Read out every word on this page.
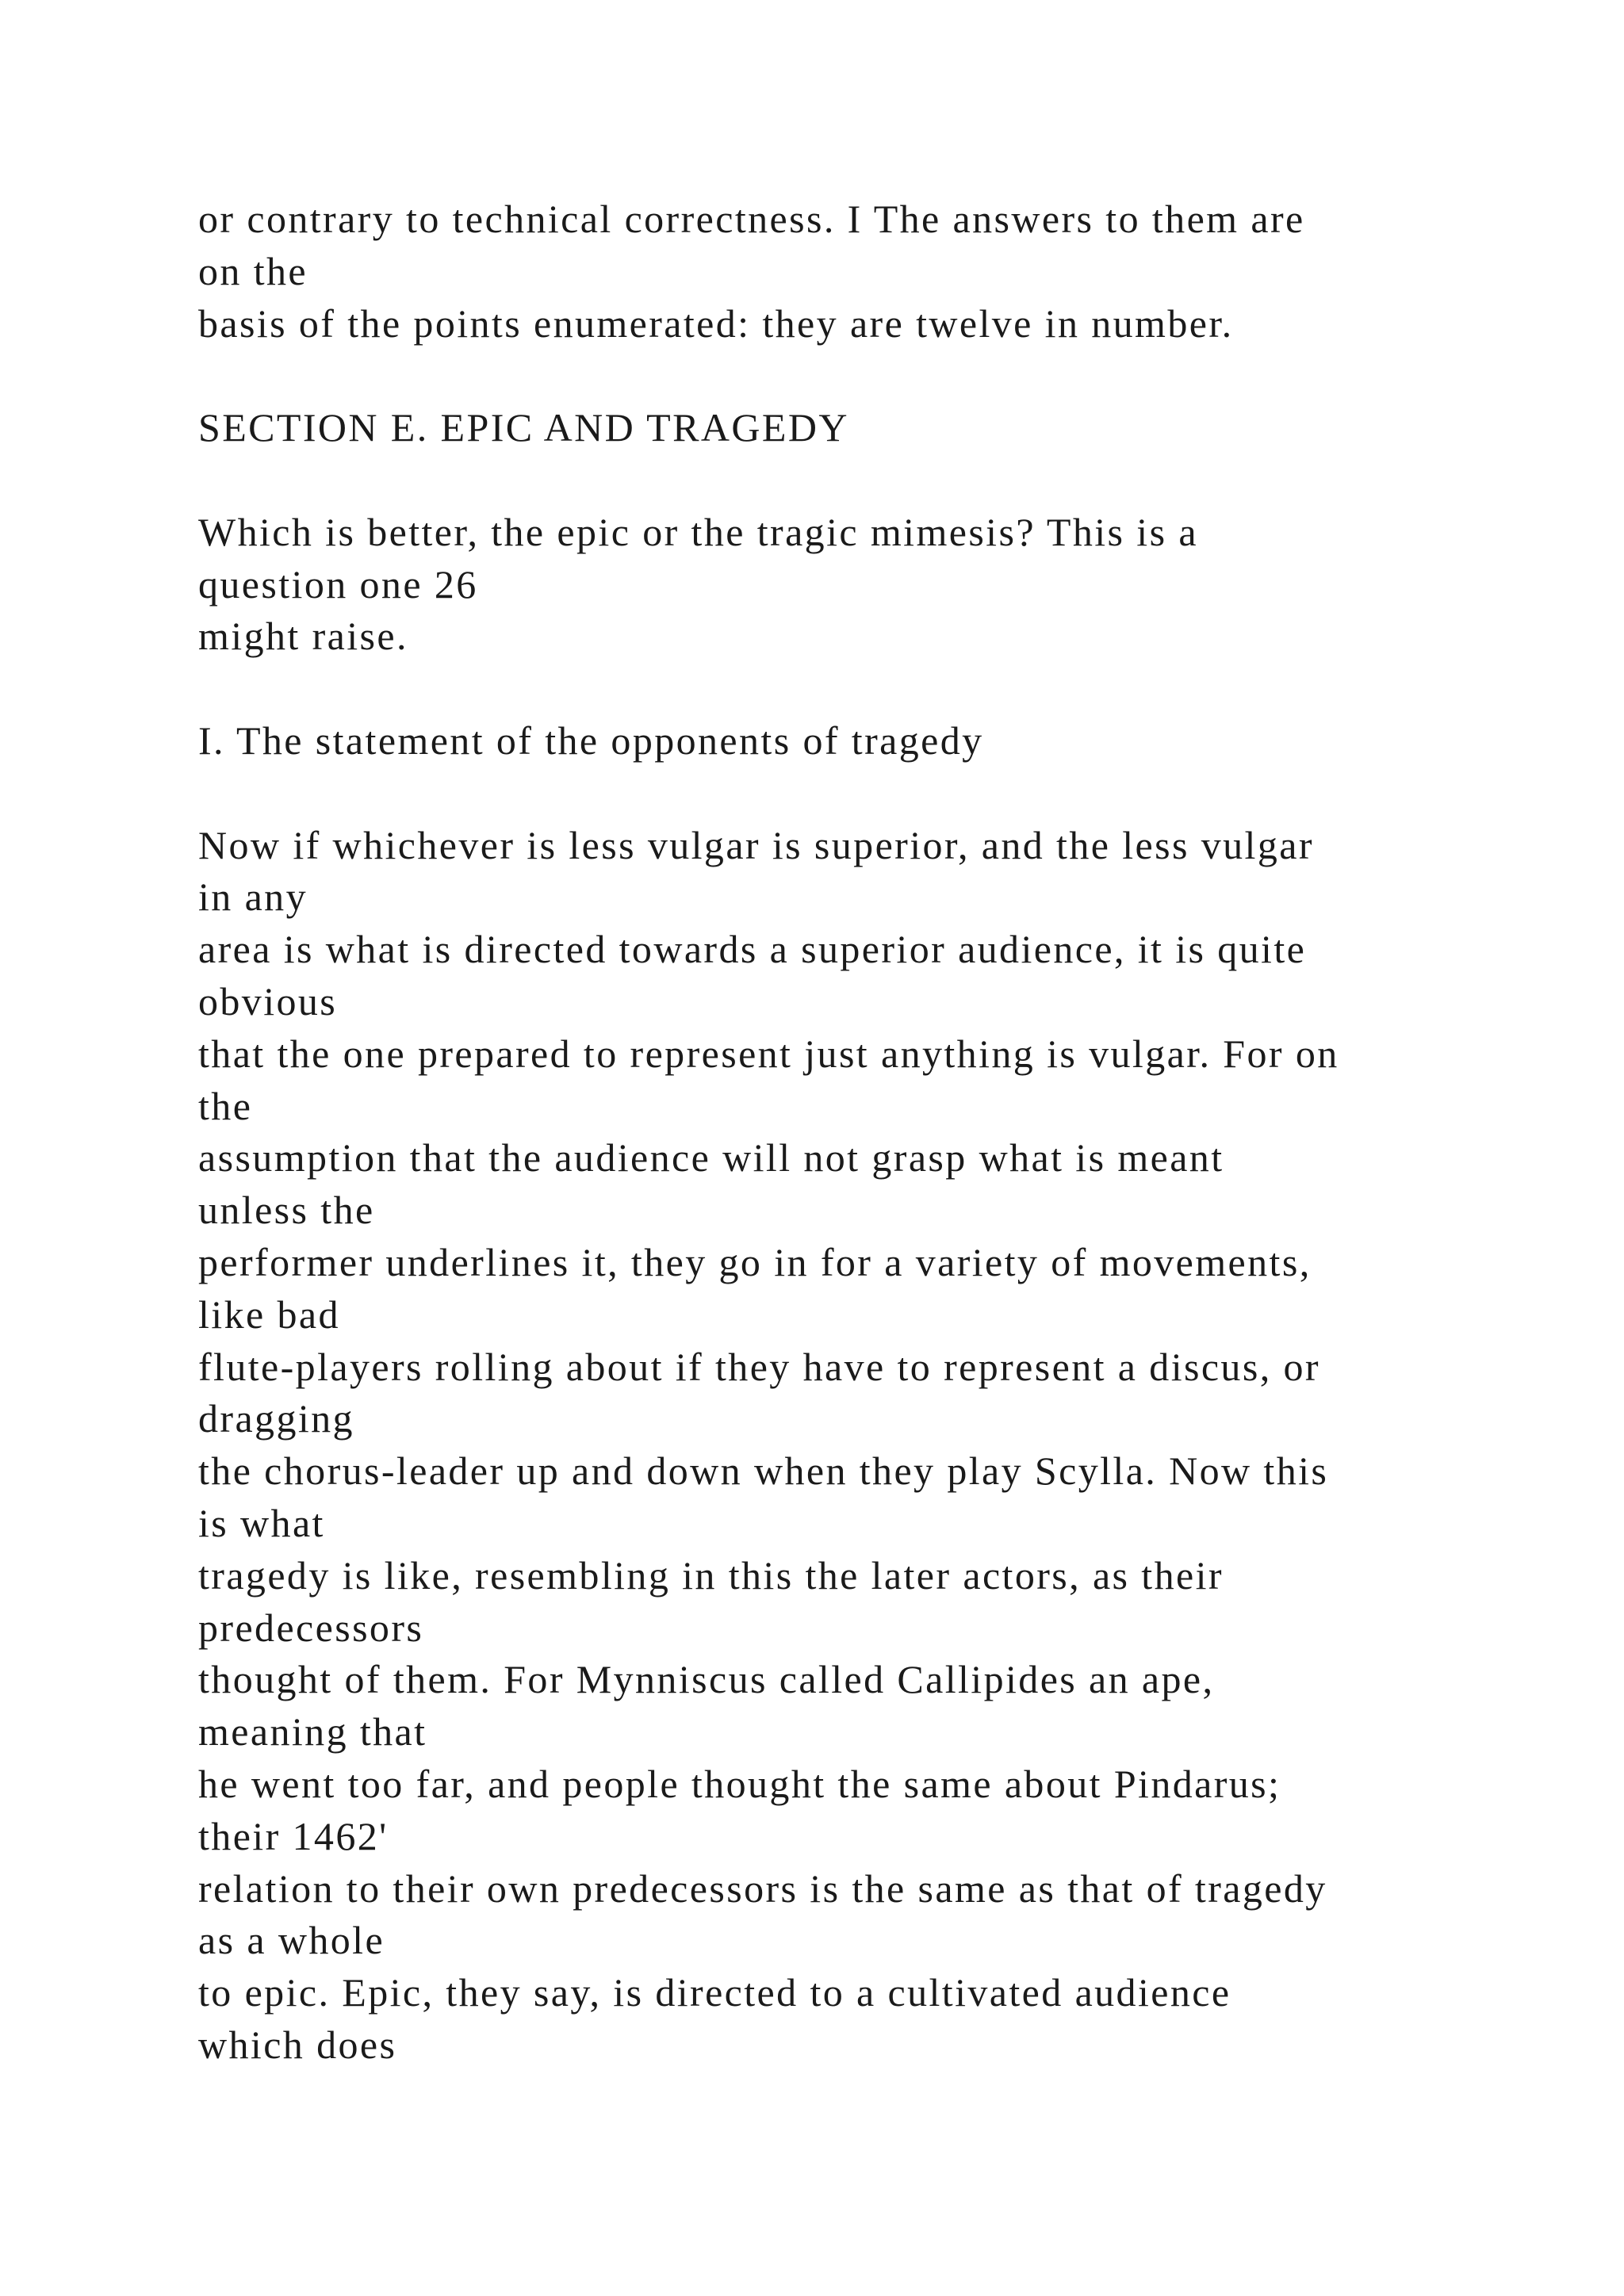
or contrary to technical correctness. I The answers to them are
on the
basis of the points enumerated: they are twelve in number.
SECTION E. EPIC AND TRAGEDY
Which is better, the epic or the tragic mimesis? This is a
question one 26
might raise.
I. The statement of the opponents of tragedy
Now if whichever is less vulgar is superior, and the less vulgar
in any
area is what is directed towards a superior audience, it is quite
obvious
that the one prepared to represent just anything is vulgar. For on
the
assumption that the audience will not grasp what is meant
unless the
performer underlines it, they go in for a variety of movements,
like bad
flute-players rolling about if they have to represent a discus, or
dragging
the chorus-leader up and down when they play Scylla. Now this
is what
tragedy is like, resembling in this the later actors, as their
predecessors
thought of them. For Mynniscus called Callipides an ape,
meaning that
he went too far, and people thought the same about Pindarus;
their 1462'
relation to their own predecessors is the same as that of tragedy
as a whole
to epic. Epic, they say, is directed to a cultivated audience
which does
